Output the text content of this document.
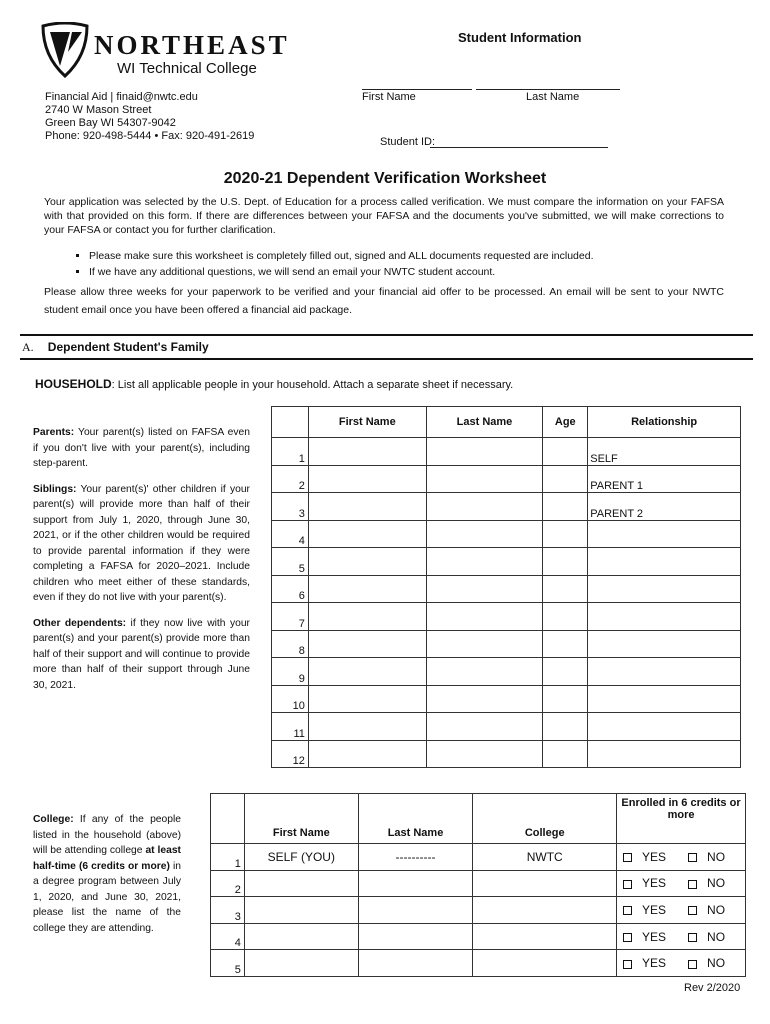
NORTHEAST
WI Technical College
Student Information
First Name	Last Name
Financial Aid | finaid@nwtc.edu
2740 W Mason Street
Green Bay WI 54307-9042
Phone: 920-498-5444 • Fax: 920-491-2619	Student ID:
2020-21 Dependent Verification Worksheet
Your application was selected by the U.S. Dept. of Education for a process called verification. We must compare the information on your FAFSA with that provided on this form. If there are differences between your FAFSA and the documents you've submitted, we will make corrections to your FAFSA or contact you for further clarification.
▪ Please make sure this worksheet is completely filled out, signed and ALL documents requested are included.
▪ If we have any additional questions, we will send an email your NWTC student account.
Please allow three weeks for your paperwork to be verified and your financial aid offer to be processed. An email will be sent to your NWTC student email once you have been offered a financial aid package.
A. Dependent Student's Family
HOUSEHOLD: List all applicable people in your household. Attach a separate sheet if necessary.

Parents: Your parent(s) listed on FAFSA even if you don't live with your parent(s), including step-parent.

Siblings: Your parent(s)' other children if your parent(s) will provide more than half of their support from July 1, 2020, through June 30, 2021, or if the other children would be required to provide parental information if they were completing a FAFSA for 2020–2021. Include children who meet either of these standards, even if they do not live with your parent(s).

Other dependents: if they now live with your parent(s) and your parent(s) provide more than half of their support and will continue to provide more than half of their support through June 30, 2021.

	First Name	Last Name	Age	Relationship
1				SELF
2				PARENT 1
3				PARENT 2
4				
5				
6				
7				
8				
9				
10				
11				
12				
College: If any of the people listed in the household (above) will be attending college at least half-time (6 credits or more) in a degree program between July 1, 2020, and June 30, 2021, please list the name of the college they are attending.
	First Name	Last Name	College	Enrolled in 6 credits or more
1	SELF (YOU)	----------	NWTC	YES NO
2				YES NO
3				YES NO
4				YES NO
5				YES NO
Rev 2/2020
